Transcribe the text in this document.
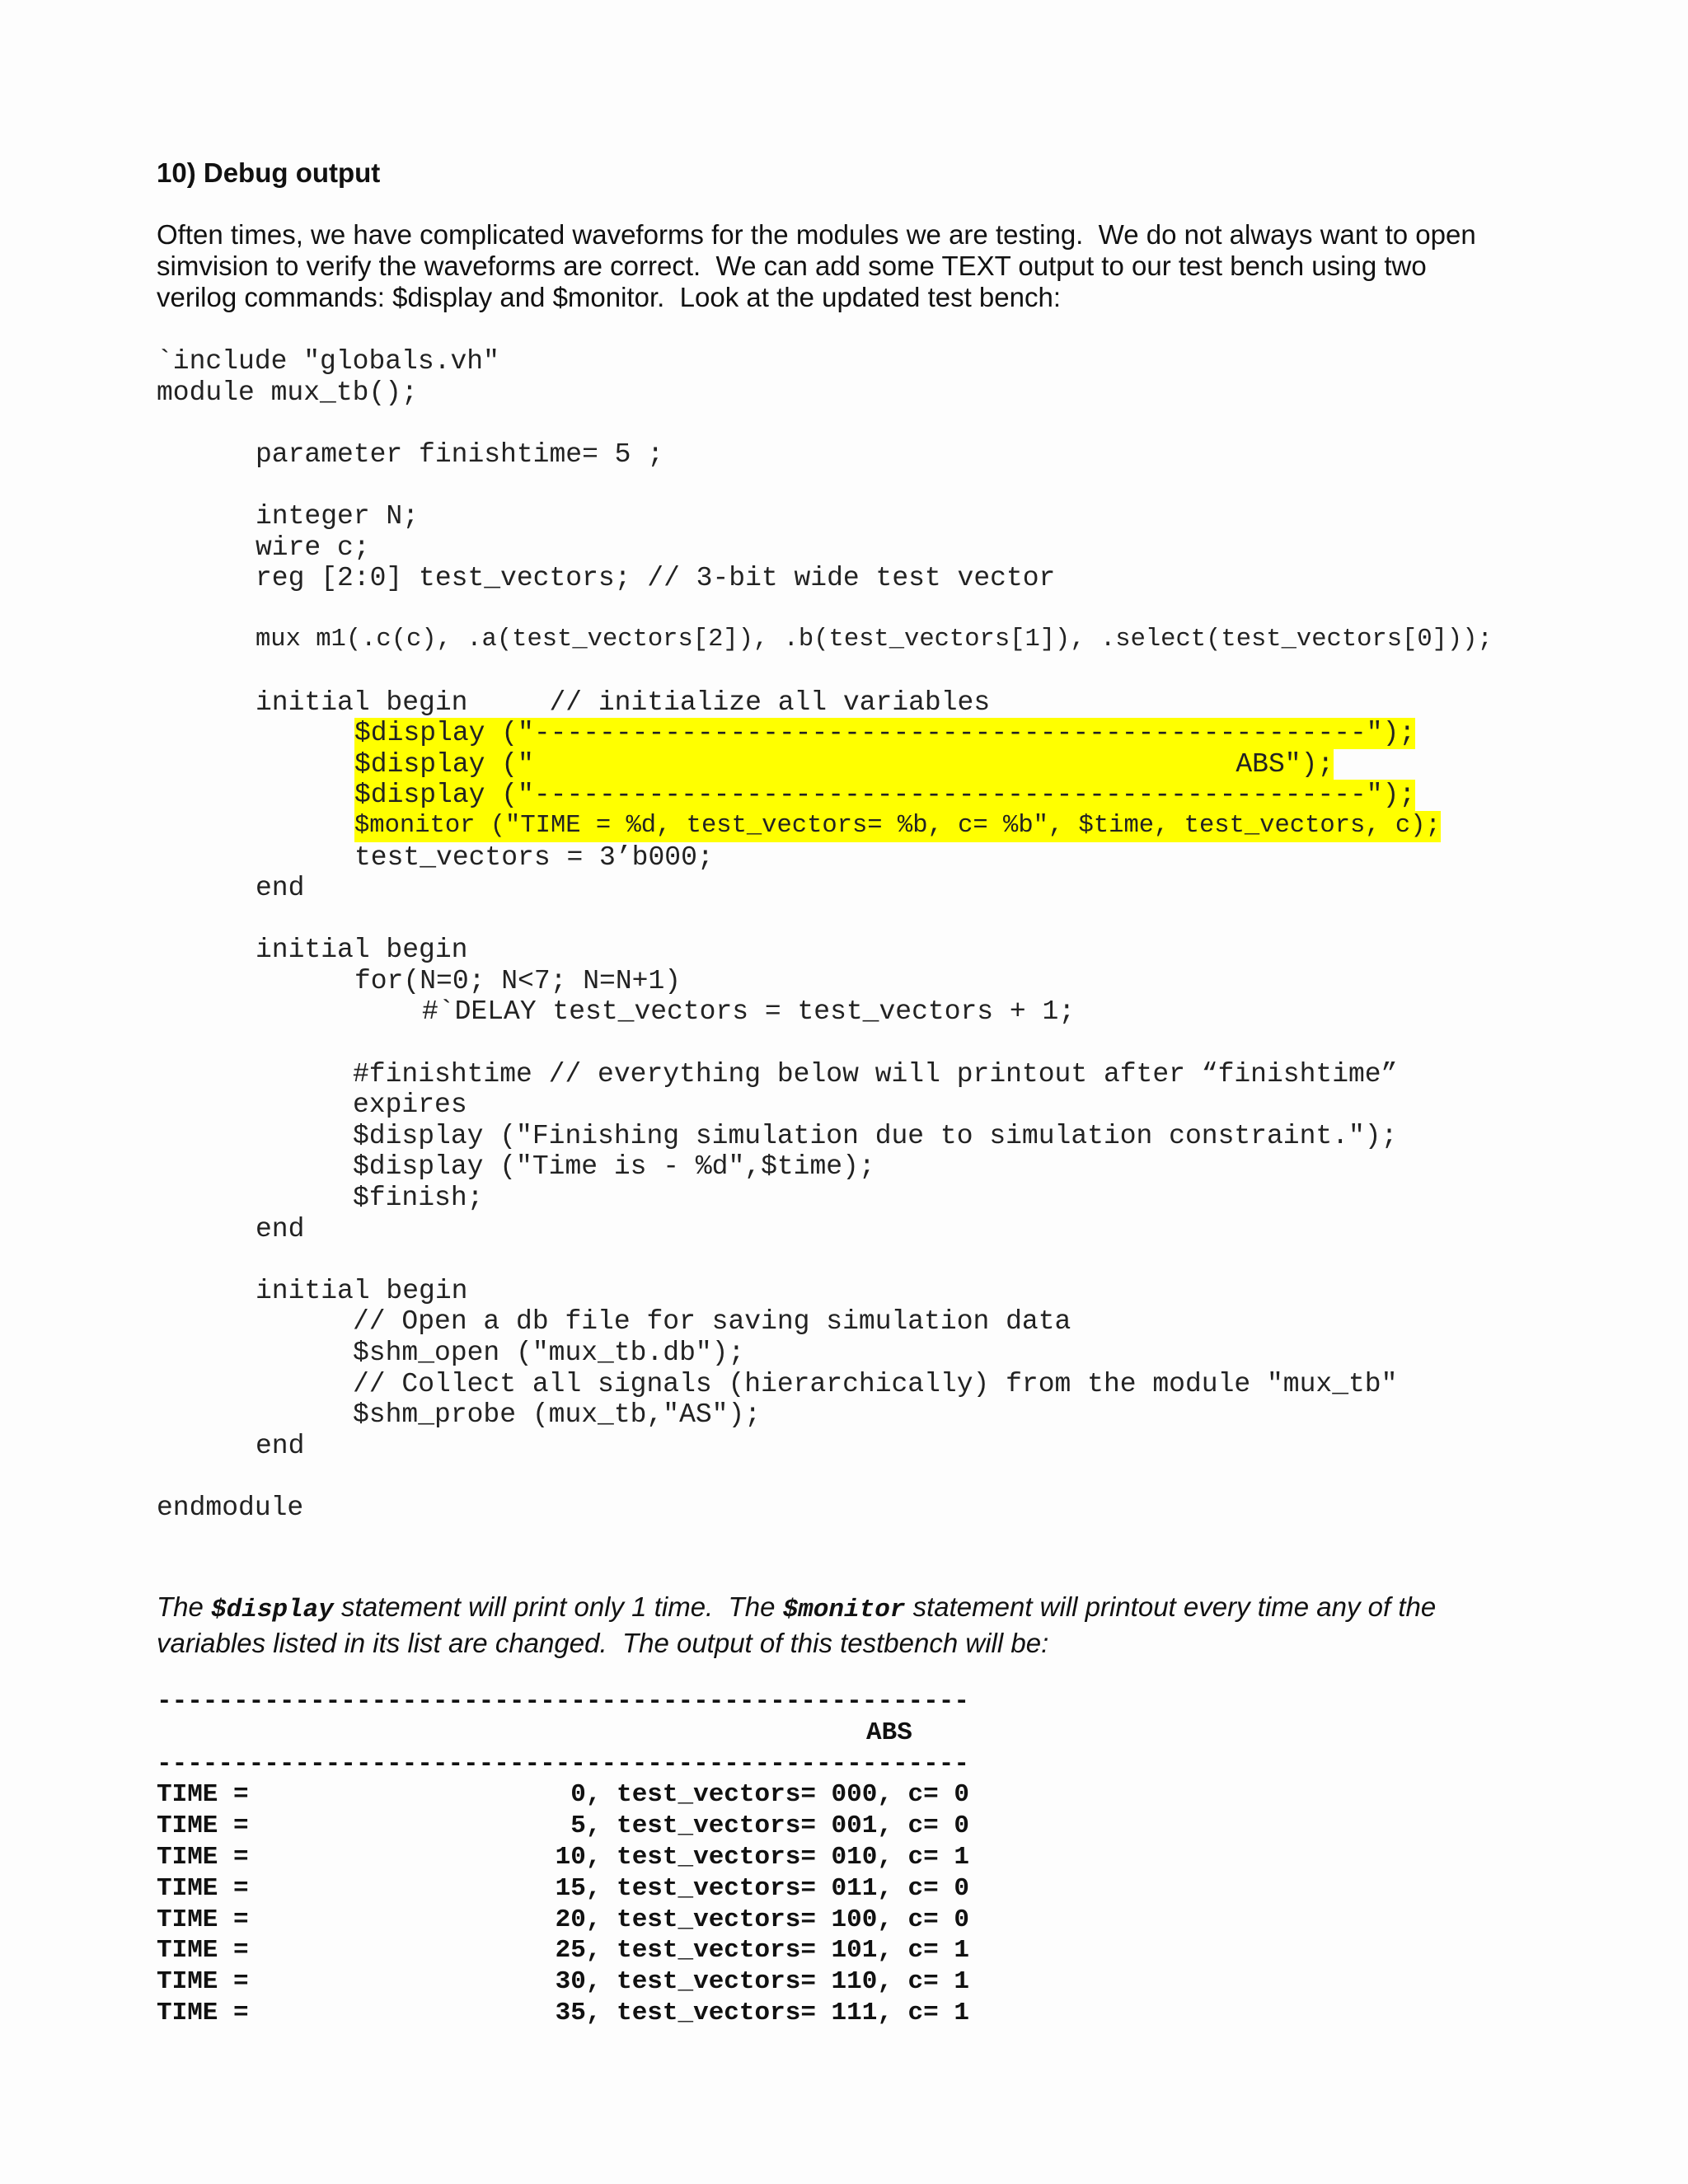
10) Debug output
Often times, we have complicated waveforms for the modules we are testing.  We do not always want to open
simvision to verify the waveforms are correct.  We can add some TEXT output to our test bench using two
verilog commands: $display and $monitor.  Look at the updated test bench:
`include "globals.vh"
module mux_tb();
parameter finishtime= 5 ;
integer N;
wire c;
reg [2:0] test_vectors; // 3-bit wide test vector
mux m1(.c(c), .a(test_vectors[2]), .b(test_vectors[1]), .select(test_vectors[0]));
initial begin     // initialize all variables
$display ("---------------------------------------------------");
$display ("                                           ABS");
$display ("---------------------------------------------------");
$monitor ("TIME = %d, test_vectors= %b, c= %b", $time, test_vectors, c);
test_vectors = 3’b000;
end
initial begin
for(N=0; N<7; N=N+1)
#`DELAY test_vectors = test_vectors + 1;
#finishtime // everything below will printout after “finishtime”
expires
$display ("Finishing simulation due to simulation constraint.");
$display ("Time is - %d",$time);
$finish;
end
initial begin
// Open a db file for saving simulation data
$shm_open ("mux_tb.db");
// Collect all signals (hierarchically) from the module "mux_tb"
$shm_probe (mux_tb,"AS");
end
endmodule
The $display statement will print only 1 time.  The $monitor statement will printout every time any of the
variables listed in its list are changed.  The output of this testbench will be:
-----------------------------------------------------
ABS
-----------------------------------------------------
TIME =                     0, test_vectors= 000, c= 0
TIME =                     5, test_vectors= 001, c= 0
TIME =                    10, test_vectors= 010, c= 1
TIME =                    15, test_vectors= 011, c= 0
TIME =                    20, test_vectors= 100, c= 0
TIME =                    25, test_vectors= 101, c= 1
TIME =                    30, test_vectors= 110, c= 1
TIME =                    35, test_vectors= 111, c= 1
